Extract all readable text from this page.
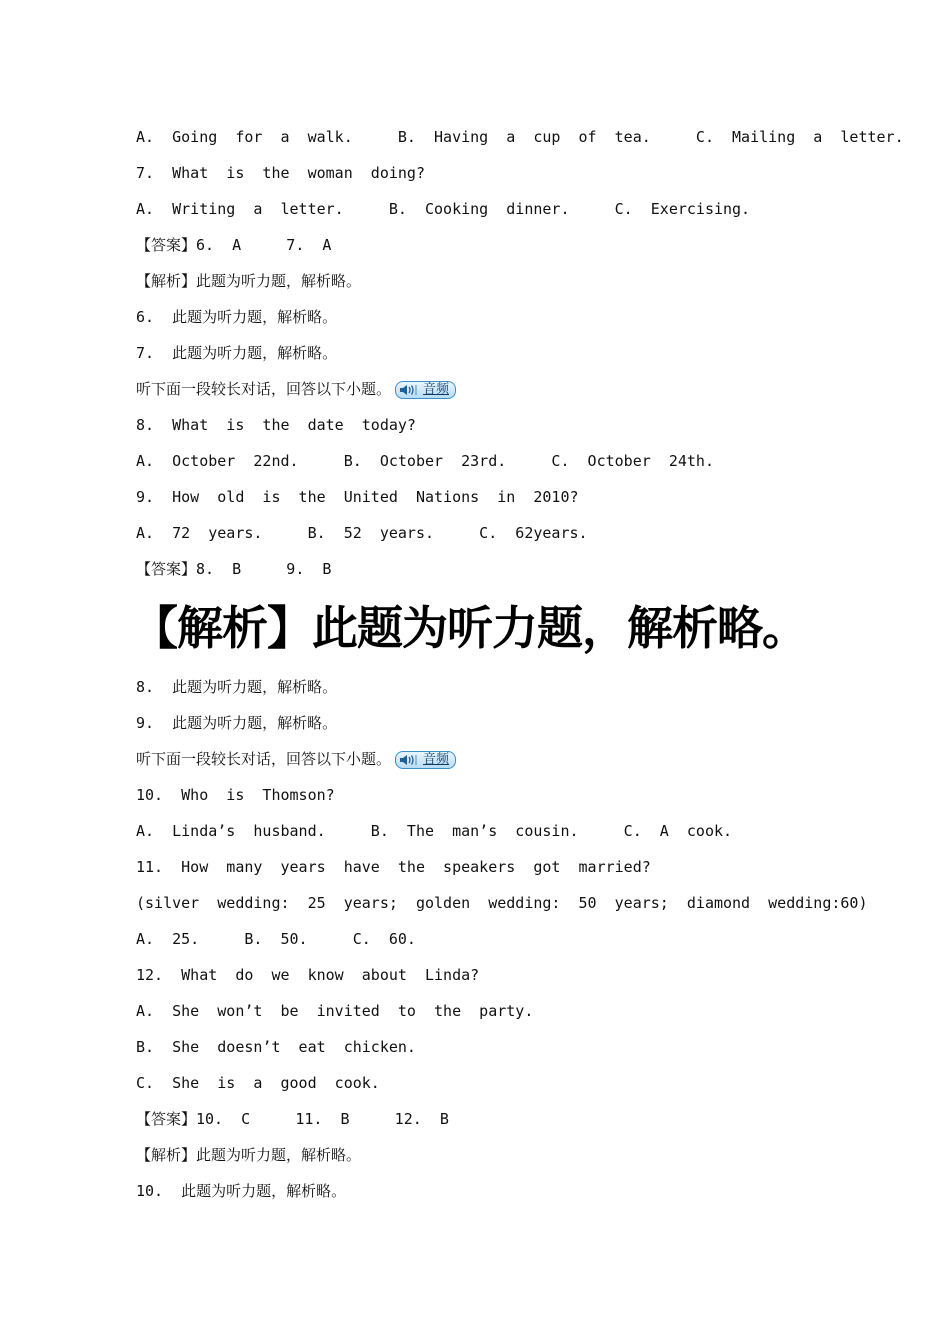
A.  Going  for  a  walk.     B.  Having  a  cup  of  tea.     C.  Mailing  a  letter.
7.  What  is  the  woman  doing?
A.  Writing  a  letter.     B.  Cooking  dinner.     C.  Exercising.
【答案】6.  A     7.  A
【解析】此题为听力题，解析略。
6.  此题为听力题，解析略。
7.  此题为听力题，解析略。
听下面一段较长对话，回答以下小题。 音频
8.  What  is  the  date  today?
A.  October  22nd.     B.  October  23rd.     C.  October  24th.
9.  How  old  is  the  United  Nations  in  2010?
A.  72  years.     B.  52  years.     C.  62years.
【答案】8.  B     9.  B
【解析】此题为听力题，解析略。
8.  此题为听力题，解析略。
9.  此题为听力题，解析略。
听下面一段较长对话，回答以下小题。 音频
10.  Who  is  Thomson?
A.  Linda’s  husband.     B.  The  man’s  cousin.     C.  A  cook.
11.  How  many  years  have  the  speakers  got  married?
(silver  wedding:  25  years;  golden  wedding:  50  years;  diamond  wedding:60)
A.  25.     B.  50.     C.  60.
12.  What  do  we  know  about  Linda?
A.  She  won’t  be  invited  to  the  party.
B.  She  doesn’t  eat  chicken.
C.  She  is  a  good  cook.
【答案】10.  C     11.  B     12.  B
【解析】此题为听力题，解析略。
10.  此题为听力题，解析略。
